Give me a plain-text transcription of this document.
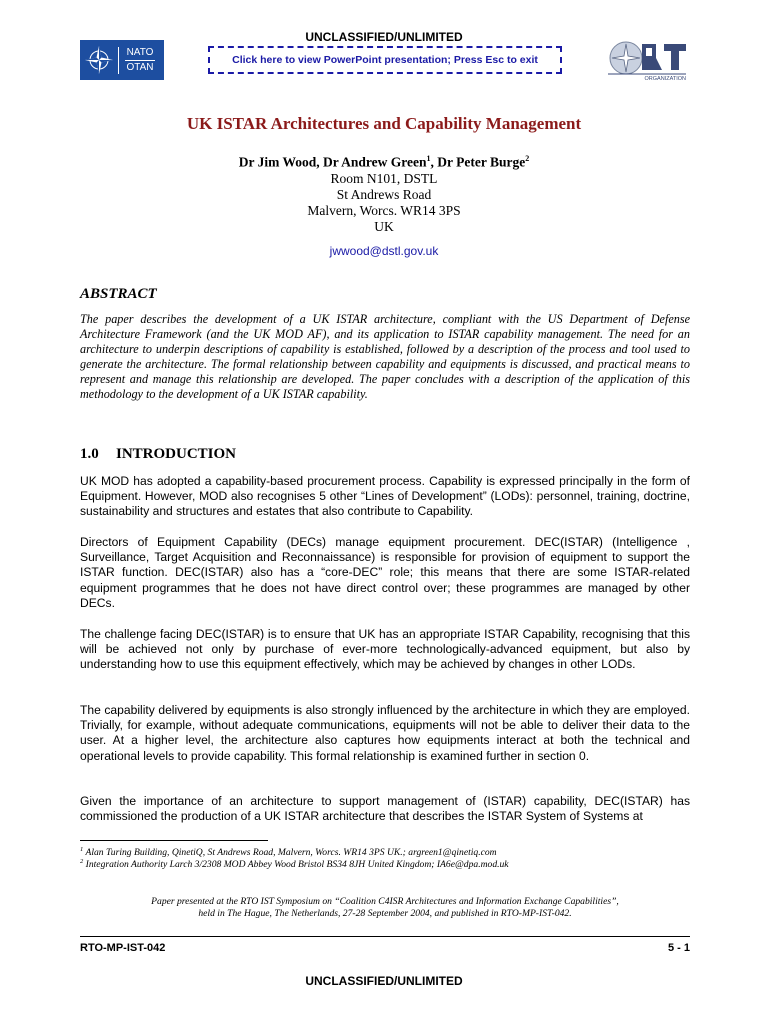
UNCLASSIFIED/UNLIMITED
NATO
OTAN
Click here to view PowerPoint presentation; Press Esc to exit
ORGANIZATION
UK ISTAR Architectures and Capability Management
Dr Jim Wood, Dr Andrew Green$^1$, Dr Peter Burge$^2$
Room N101, DSTL
St Andrews Road
Malvern, Worcs. WR14 3PS
UK
jwwood@dstl.gov.uk
ABSTRACT
The paper describes the development of a UK ISTAR architecture, compliant with the US Department of Defense Architecture Framework (and the UK MOD AF), and its application to ISTAR capability management. The need for an architecture to underpin descriptions of capability is established, followed by a description of the process and tool used to generate the architecture. The formal relationship between capability and equipments is discussed, and practical means to represent and manage this relationship are developed. The paper concludes with a description of the application of this methodology to the development of a UK ISTAR capability.
1.0 INTRODUCTION
UK MOD has adopted a capability-based procurement process. Capability is expressed principally in the form of Equipment. However, MOD also recognises 5 other “Lines of Development” (LODs): personnel, training, doctrine, sustainability and structures and estates that also contribute to Capability.
Directors of Equipment Capability (DECs) manage equipment procurement. DEC(ISTAR) (Intelligence , Surveillance, Target Acquisition and Reconnaissance) is responsible for provision of equipment to support the ISTAR function. DEC(ISTAR) also has a “core-DEC” role; this means that there are some ISTAR-related equipment programmes that he does not have direct control over; these programmes are managed by other DECs.
The challenge facing DEC(ISTAR) is to ensure that UK has an appropriate ISTAR Capability, recognising that this will be achieved not only by purchase of ever-more technologically-advanced equipment, but also by understanding how to use this equipment effectively, which may be achieved by changes in other LODs.
The capability delivered by equipments is also strongly influenced by the architecture in which they are employed. Trivially, for example, without adequate communications, equipments will not be able to deliver their data to the user. At a higher level, the architecture also captures how equipments interact at both the technical and operational levels to provide capability. This formal relationship is examined further in section 0.
Given the importance of an architecture to support management of (ISTAR) capability, DEC(ISTAR) has commissioned the production of a UK ISTAR architecture that describes the ISTAR System of Systems at
$^1$ Alan Turing Building, QinetiQ, St Andrews Road, Malvern, Worcs. WR14 3PS UK.; argreen1@qinetiq.com
$^2$ Integration Authority Larch 3/2308 MOD Abbey Wood Bristol BS34 8JH United Kingdom; IA6e@dpa.mod.uk
Paper presented at the RTO IST Symposium on “Coalition C4ISR Architectures and Information Exchange Capabilities”,
held in The Hague, The Netherlands, 27-28 September 2004, and published in RTO-MP-IST-042.
RTO-MP-IST-042	5 - 1
UNCLASSIFIED/UNLIMITED
